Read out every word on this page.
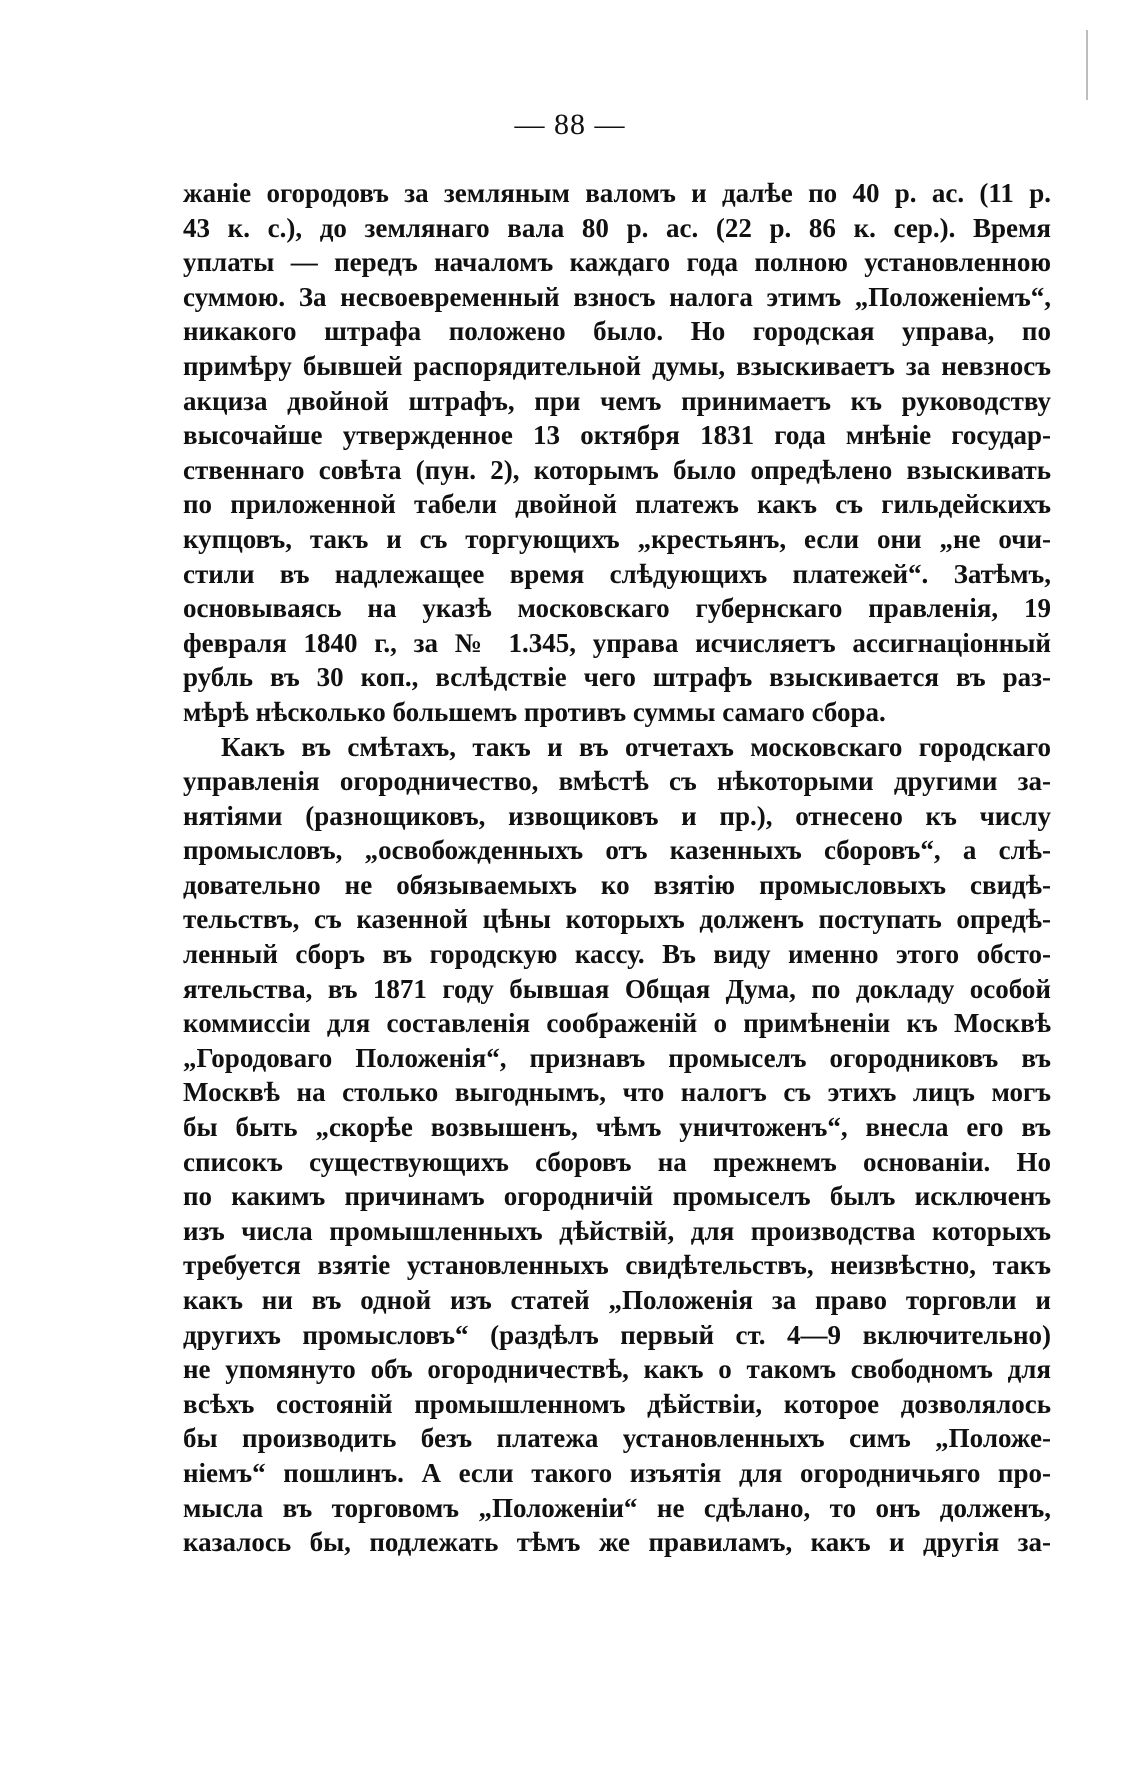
— 88 —
жаніе огородовъ за земляным валомъ и далѣе по 40 р. ас. (11 р.
43 к. с.), до землянаго вала 80 р. ас. (22 р. 86 к. сер.). Время
уплаты — передъ началомъ каждаго года полною установленною
суммою. За несвоевременный взносъ налога этимъ „Положеніемъ“,
никакого штрафа положено было. Но городская управа, по
примѣру бывшей распорядительной думы, взыскиваетъ за невзносъ
акциза двойной штрафъ, при чемъ принимаетъ къ руководству
высочайше утвержденное 13 октября 1831 года мнѣніе государ-
ственнаго совѣта (пун. 2), которымъ было опредѣлено взыскивать
по приложенной табели двойной платежъ какъ съ гильдейскихъ
купцовъ, такъ и съ торгующихъ „крестьянъ, если они „не очи-
стили въ надлежащее время слѣдующихъ платежей“. Затѣмъ,
основываясь на указѣ московскаго губернскаго правленія, 19
февраля 1840 г., за № 1.345, управа исчисляетъ ассигнаціонный
рубль въ 30 коп., вслѣдствіе чего штрафъ взыскивается въ раз-
мѣрѣ нѣсколько большемъ противъ суммы самаго сбора.
Какъ въ смѣтахъ, такъ и въ отчетахъ московскаго городскаго
управленія огородничество, вмѣстѣ съ нѣкоторыми другими за-
нятіями (разнощиковъ, извощиковъ и пр.), отнесено къ числу
промысловъ, „освобожденныхъ отъ казенныхъ сборовъ“, а слѣ-
довательно не обязываемыхъ ко взятію промысловыхъ свидѣ-
тельствъ, съ казенной цѣны которыхъ долженъ поступать опредѣ-
ленный сборъ въ городскую кассу. Въ виду именно этого обсто-
ятельства, въ 1871 году бывшая Общая Дума, по докладу особой
коммиссіи для составленія соображеній о примѣненіи къ Москвѣ
„Городоваго Положенія“, признавъ промыселъ огородниковъ въ
Москвѣ на столько выгоднымъ, что налогъ съ этихъ лицъ могъ
бы быть „скорѣе возвышенъ, чѣмъ уничтоженъ“, внесла его въ
списокъ существующихъ сборовъ на прежнемъ основаніи. Но
по какимъ причинамъ огородничій промыселъ былъ исключенъ
изъ числа промышленныхъ дѣйствій, для производства которыхъ
требуется взятіе установленныхъ свидѣтельствъ, неизвѣстно, такъ
какъ ни въ одной изъ статей „Положенія за право торговли и
другихъ промысловъ“ (раздѣлъ первый ст. 4—9 включительно)
не упомянуто объ огородничествѣ, какъ о такомъ свободномъ для
всѣхъ состояній промышленномъ дѣйствіи, которое дозволялось
бы производить безъ платежа установленныхъ симъ „Положе-
ніемъ“ пошлинъ. А если такого изъятія для огородничьяго про-
мысла въ торговомъ „Положеніи“ не сдѣлано, то онъ долженъ,
казалось бы, подлежать тѣмъ же правиламъ, какъ и другія за-
